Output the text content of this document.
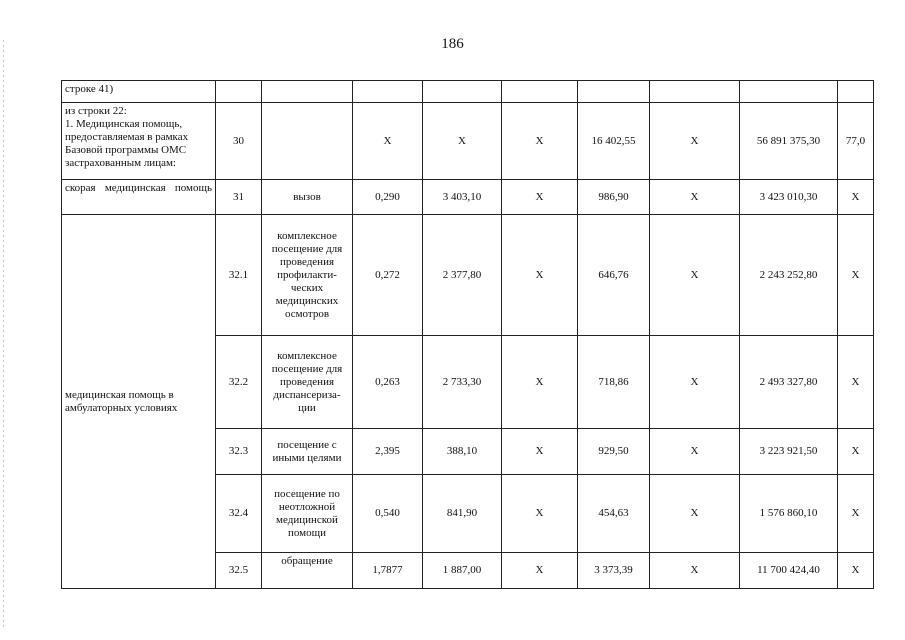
186
строке 41)									
из строки 22:
1. Медицинская помощь, предоставляемая в рамках Базовой программы ОМС застрахованным лицам:	30		X	X	X	16 402,55	X	56 891 375,30	77,0
скорая медицинская помощь	31	вызов	0,290	3 403,10	X	986,90	X	3 423 010,30	X
медицинская помощь в амбулаторных условиях	32.1	комплексное посещение для проведения профилакти-ческих медицинских осмотров	0,272	2 377,80	X	646,76	X	2 243 252,80	X
	32.2	комплексное посещение для проведения диспансериза-ции	0,263	2 733,30	X	718,86	X	2 493 327,80	X
	32.3	посещение с иными целями	2,395	388,10	X	929,50	X	3 223 921,50	X
	32.4	посещение по неотложной медицинской помощи	0,540	841,90	X	454,63	X	1 576 860,10	X
	32.5	обращение	1,7877	1 887,00	X	3 373,39	X	11 700 424,40	X
